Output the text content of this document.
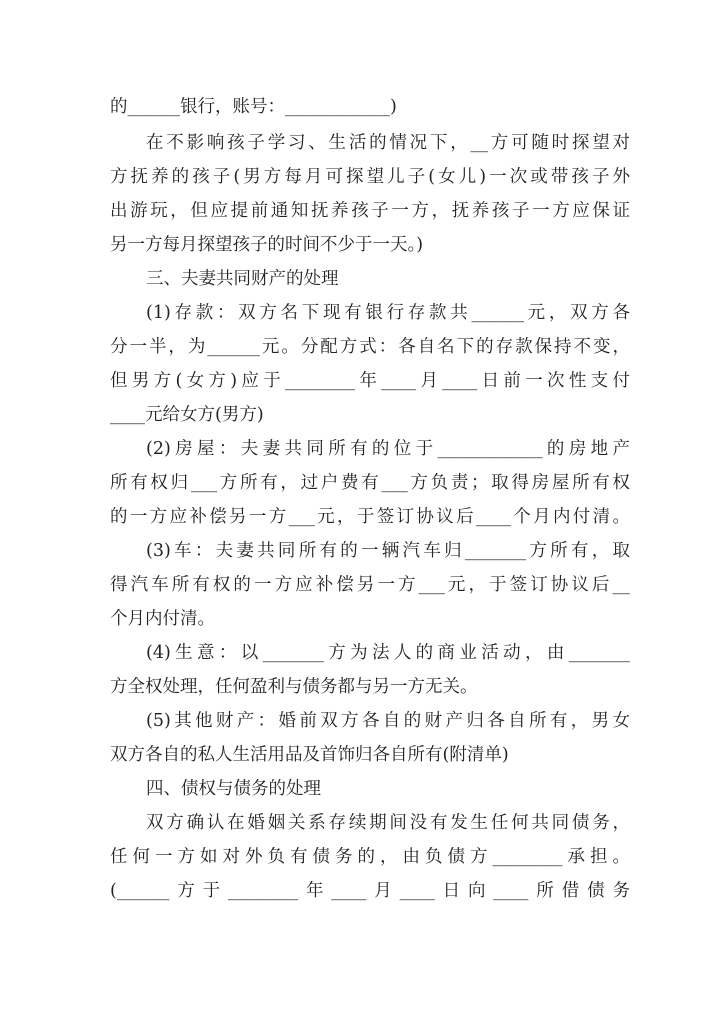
的______银行，账号：____________)
在不影响孩子学习、生活的情况下，__方可随时探望对
方抚养的孩子(男方每月可探望儿子(女儿)一次或带孩子外
出游玩，但应提前通知抚养孩子一方，抚养孩子一方应保证
另一方每月探望孩子的时间不少于一天。)
三、夫妻共同财产的处理
(1)存款：双方名下现有银行存款共______元，双方各
分一半，为______元。分配方式：各自名下的存款保持不变，
但男方(女方)应于________年____月____日前一次性支付
____元给女方(男方)
(2)房屋：夫妻共同所有的位于____________的房地产
所有权归___方所有，过户费有___方负责；取得房屋所有权
的一方应补偿另一方___元，于签订协议后____个月内付清。
(3)车：夫妻共同所有的一辆汽车归_______方所有，取
得汽车所有权的一方应补偿另一方___元，于签订协议后__
个月内付清。
(4)生意：以_______方为法人的商业活动，由_______
方全权处理，任何盈利与债务都与另一方无关。
(5)其他财产：婚前双方各自的财产归各自所有，男女
双方各自的私人生活用品及首饰归各自所有(附清单)
四、债权与债务的处理
双方确认在婚姻关系存续期间没有发生任何共同债务，
任何一方如对外负有债务的，由负债方________承担。
(______方于________年____月____日向____所借债务
